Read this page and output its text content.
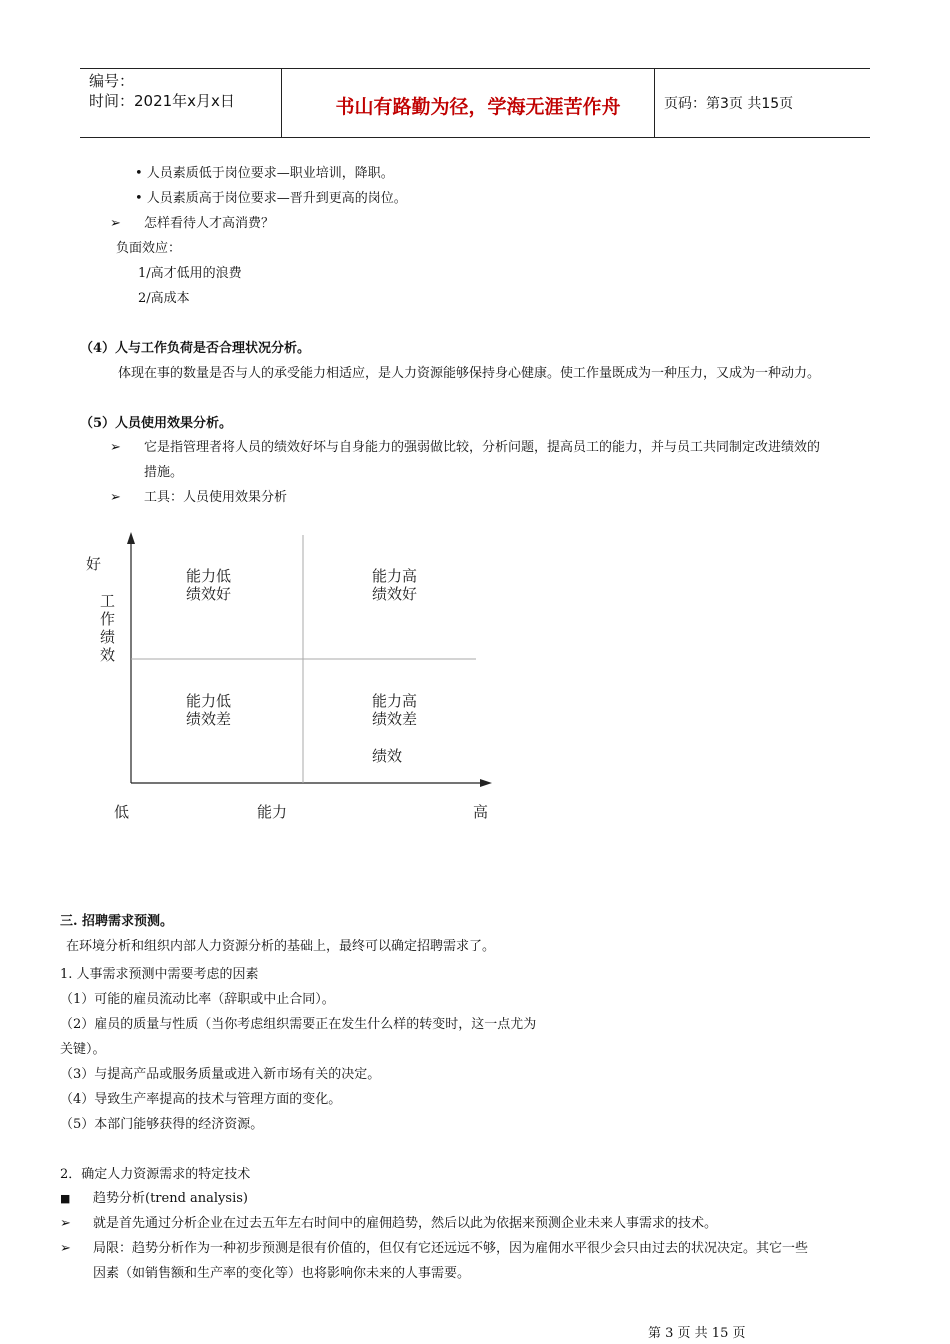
编号：
时间：2021年x月x日	书山有路勤为径，学海无涯苦作舟	页码：第3页 共15页
• 人员素质低于岗位要求—职业培训，降职。
• 人员素质高于岗位要求—晋升到更高的岗位。
➢ 怎样看待人才高消费？
负面效应：
1/高才低用的浪费
2/高成本
（4）人与工作负荷是否合理状况分析。
体现在事的数量是否与人的承受能力相适应，是人力资源能够保持身心健康。使工作量既成为一种压力，又成为一种动力。
（5）人员使用效果分析。
➢ 它是指管理者将人员的绩效好坏与自身能力的强弱做比较，分析问题，提高员工的能力，并与员工共同制定改进绩效的
措施。
➢ 工具：人员使用效果分析
好
工
作
绩
效
能力低
绩效好
能力高
绩效好
能力低
绩效差
能力高
绩效差
绩效
低	能力	高
三. 招聘需求预测。
在环境分析和组织内部人力资源分析的基础上，最终可以确定招聘需求了。
1. 人事需求预测中需要考虑的因素
（1）可能的雇员流动比率（辞职或中止合同）。
（2）雇员的质量与性质（当你考虑组织需要正在发生什么样的转变时，这一点尤为
关键）。
（3）与提高产品或服务质量或进入新市场有关的决定。
（4）导致生产率提高的技术与管理方面的变化。
（5）本部门能够获得的经济资源。
2．确定人力资源需求的特定技术
■ 趋势分析(trend analysis)
➢ 就是首先通过分析企业在过去五年左右时间中的雇佣趋势，然后以此为依据来预测企业未来人事需求的技术。
➢ 局限：趋势分析作为一种初步预测是很有价值的，但仅有它还远远不够，因为雇佣水平很少会只由过去的状况决定。其它一些
因素（如销售额和生产率的变化等）也将影响你未来的人事需要。
第 3 页 共 15 页
